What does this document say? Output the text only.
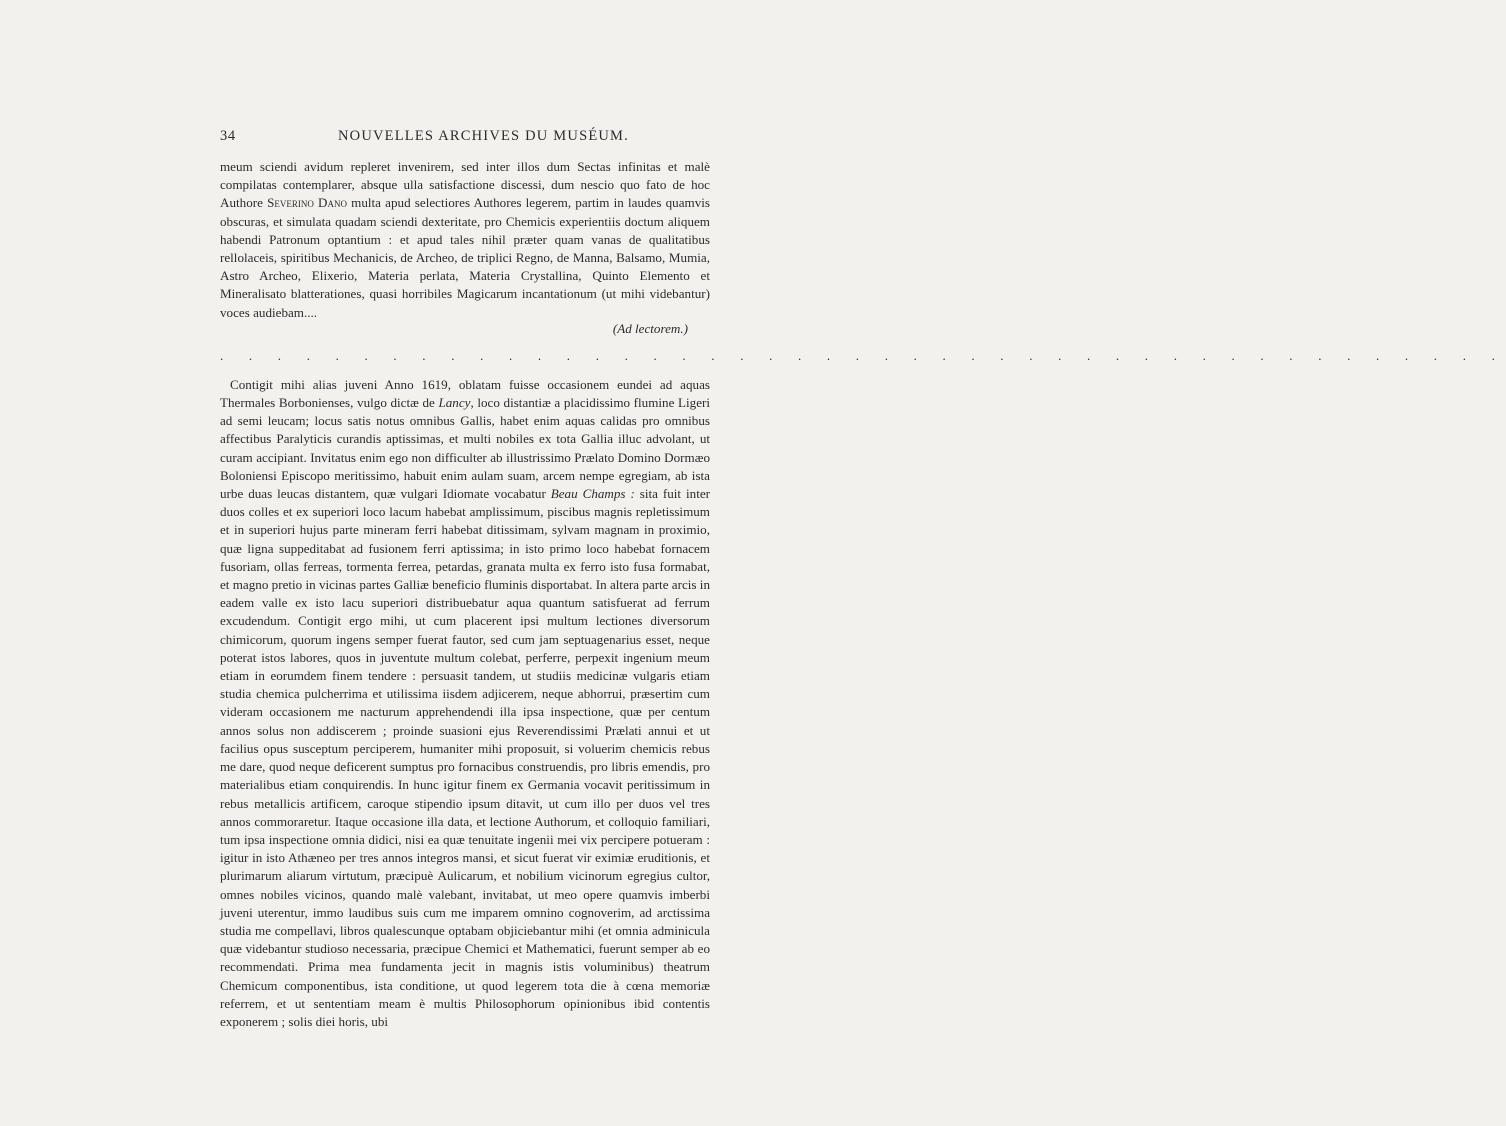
34	NOUVELLES ARCHIVES DU MUSÉUM.

meum sciendi avidum repleret invenirem, sed inter illos dum Sectas infinitas et malè compilatas contemplarer, absque ulla satisfactione discessi, dum nescio quo fato de hoc Authore Severino Dano multa apud selectiores Authores legerem, partim in laudes quamvis obscuras, et simulata quadam sciendi dexteritate, pro Chemicis experientiis doctum aliquem habendi Patronum optantium : et apud tales nihil præter quam vanas de qualitatibus rellolaceis, spiritibus Mechanicis, de Archeo, de triplici Regno, de Manna, Balsamo, Mumia, Astro Archeo, Elixerio, Materia perlata, Materia Crystallina, Quinto Elemento et Mineralisato blatterationes, quasi horribiles Magicarum incantationum (ut mihi videbantur) voces audiebam....

(Ad lectorem.)
. . . . . . . . . . . . . . . . . . . . . . . . . . . . . . . . . . . . . . . . . . . . .

Contigit mihi alias juveni Anno 1619, oblatam fuisse occasionem eundei ad aquas Thermales Borbonienses, vulgo dictæ de Lancy, loco distantiæ a placidissimo flumine Ligeri ad semi leucam; locus satis notus omnibus Gallis, habet enim aquas calidas pro omnibus affectibus Paralyticis curandis aptissimas, et multi nobiles ex tota Gallia illuc advolant, ut curam accipiant. Invitatus enim ego non difficulter ab illustrissimo Prælato Domino Dormæo Boloniensi Episcopo meritissimo, habuit enim aulam suam, arcem nempe egregiam, ab ista urbe duas leucas distantem, quæ vulgari Idiomate vocabatur Beau Champs : sita fuit inter duos colles et ex superiori loco lacum habebat amplissimum, piscibus magnis repletissimum et in superiori hujus parte mineram ferri habebat ditissimam, sylvam magnam in proximio, quæ ligna suppeditabat ad fusionem ferri aptissima; in isto primo loco habebat fornacem fusoriam, ollas ferreas, tormenta ferrea, petardas, granata multa ex ferro isto fusa formabat, et magno pretio in vicinas partes Galliæ beneficio fluminis disportabat. In altera parte arcis in eadem valle ex isto lacu superiori distribuebatur aqua quantum satisfuerat ad ferrum excudendum. Contigit ergo mihi, ut cum placerent ipsi multum lectiones diversorum chimicorum, quorum ingens semper fuerat fautor, sed cum jam septuagenarius esset, neque poterat istos labores, quos in juventute multum colebat, perferre, perpexit ingenium meum etiam in eorumdem finem tendere : persuasit tandem, ut studiis medicinæ vulgaris etiam studia chemica pulcherrima et utilissima iisdem adjicerem, neque abhorrui, præsertim cum videram occasionem me nacturum apprehendendi illa ipsa inspectione, quæ per centum annos solus non addiscerem ; proinde suasioni ejus Reverendissimi Prælati annui et ut facilius opus susceptum perciperem, humaniter mihi proposuit, si voluerim chemicis rebus me dare, quod neque deficerent sumptus pro fornacibus construendis, pro libris emendis, pro materialibus etiam conquirendis. In hunc igitur finem ex Germania vocavit peritissimum in rebus metallicis artificem, caroque stipendio ipsum ditavit, ut cum illo per duos vel tres annos commoraretur. Itaque occasione illa data, et lectione Authorum, et colloquio familiari, tum ipsa inspectione omnia didici, nisi ea quæ tenuitate ingenii mei vix percipere potueram : igitur in isto Athæneo per tres annos integros mansi, et sicut fuerat vir eximiæ eruditionis, et plurimarum aliarum virtutum, præcipuè Aulicarum, et nobilium vicinorum egregius cultor, omnes nobiles vicinos, quando malè valebant, invitabat, ut meo opere quamvis imberbi juveni uterentur, immo laudibus suis cum me imparem omnino cognoverim, ad arctissima studia me compellavi, libros qualescunque optabam objiciebantur mihi (et omnia adminicula quæ videbantur studioso necessaria, præcipue Chemici et Mathematici, fuerunt semper ab eo recommendati. Prima mea fundamenta jecit in magnis istis voluminibus) theatrum Chemicum componentibus, ista conditione, ut quod legerem tota die à cœna memoriæ referrem, et ut sententiam meam è multis Philosophorum opinionibus ibid contentis exponerem ; solis diei horis, ubi
